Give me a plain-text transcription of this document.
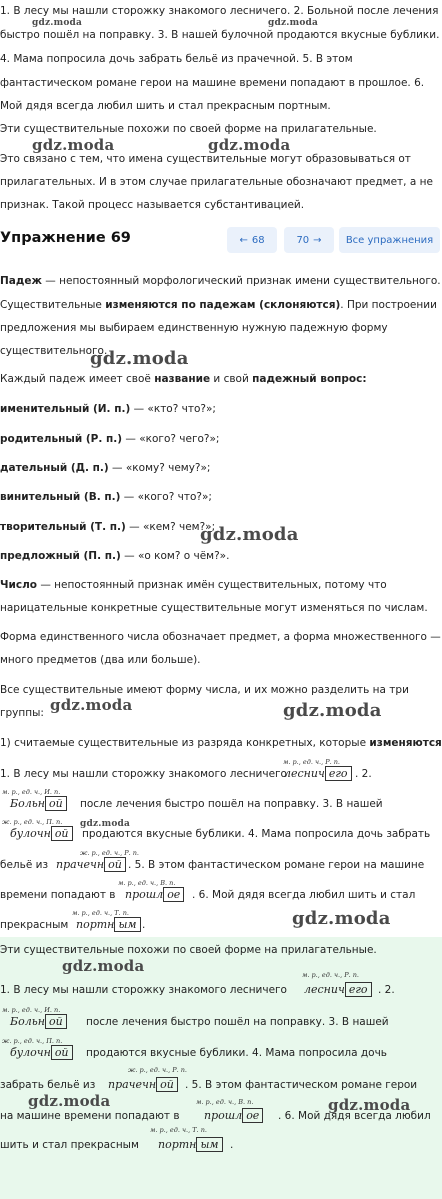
1. В лесу мы нашли сторожку знакомого лесничего. 2. Больной после лечения
быстро пошёл на поправку. 3. В нашей булочной продаются вкусные бублики.
4. Мама попросила дочь забрать бельё из прачечной. 5. В этом
фантастическом романе герои на машине времени попадают в прошлое. 6.
Мой дядя всегда любил шить и стал прекрасным портным.
Эти существительные похожи по своей форме на прилагательные.
Это связано с тем, что имена существительные могут образовываться от
прилагательных. И в этом случае прилагательные обозначают предмет, а не
признак. Такой процесс называется субстантивацией.
Упражнение 69	← 68	70 → Все упражнения
Падеж — непостоянный морфологический признак имени существительного.
Существительные изменяются по падежам (склоняются). При построении
предложения мы выбираем единственную нужную падежную форму
существительного.
Каждый падеж имеет своё название и свой падежный вопрос:
именительный (И. п.) — «кто? что?»;
родительный (Р. п.) — «кого? чего?»;
дательный (Д. п.) — «кому? чему?»;
винительный (В. п.) — «кого? что?»;
творительный (Т. п.) — «кем? чем?»;
предложный (П. п.) — «о ком? о чём?».
Число — непостоянный признак имён существительных, потому что
нарицательные конкретные существительные могут изменяться по числам.
Форма единственного числа обозначает предмет, а форма множественного —
много предметов (два или больше).
Все существительные имеют форму числа, и их можно разделить на три
группы:
1) считаемые существительные из разряда конкретных, которые изменяются
1. В лесу мы нашли сторожку знакомого лесничего
м. р., ед. ч., Р. п.
леснич его . 2.
м. р., ед. ч., И. п.
Больн ой	после лечения быстро пошёл на поправку. 3. В нашей
ж. р., ед. ч., П. п.
булочн ой	продаются вкусные бублики. 4. Мама попросила дочь забрать
бельё из
ж. р., ед. ч., Р. п.
прачечн ой . 5. В этом фантастическом романе герои на машине
времени попадают в
м. р., ед. ч., В. п.
прошл ое	. 6. Мой дядя всегда любил шить и стал
прекрасным
м. р., ед. ч., Т. п.
портн ым .
Эти существительные похожи по своей форме на прилагательные.
1. В лесу мы нашли сторожку знакомого лесничего
м. р., ед. ч., Р. п.
леснич его . 2.
м. р., ед. ч., И. п.
Больн ой	после лечения быстро пошёл на поправку. 3. В нашей
ж. р., ед. ч., П. п.
булочн ой	продаются вкусные бублики. 4. Мама попросила дочь
забрать бельё из
ж. р., ед. ч., Р. п.
прачечн ой	. 5. В этом фантастическом романе герои
на машине времени попадают в
м. р., ед. ч., В. п.
прошл ое	. 6. Мой дядя всегда любил
шить и стал прекрасным
м. р., ед. ч., Т. п.
портн ым	.
gdz.moda	gdz.moda
gdz.moda	gdz.moda
gdz.moda
gdz.moda
gdz.moda	gdz.moda
gdz.moda
gdz.moda
gdz.moda
gdz.moda	gdz.moda
